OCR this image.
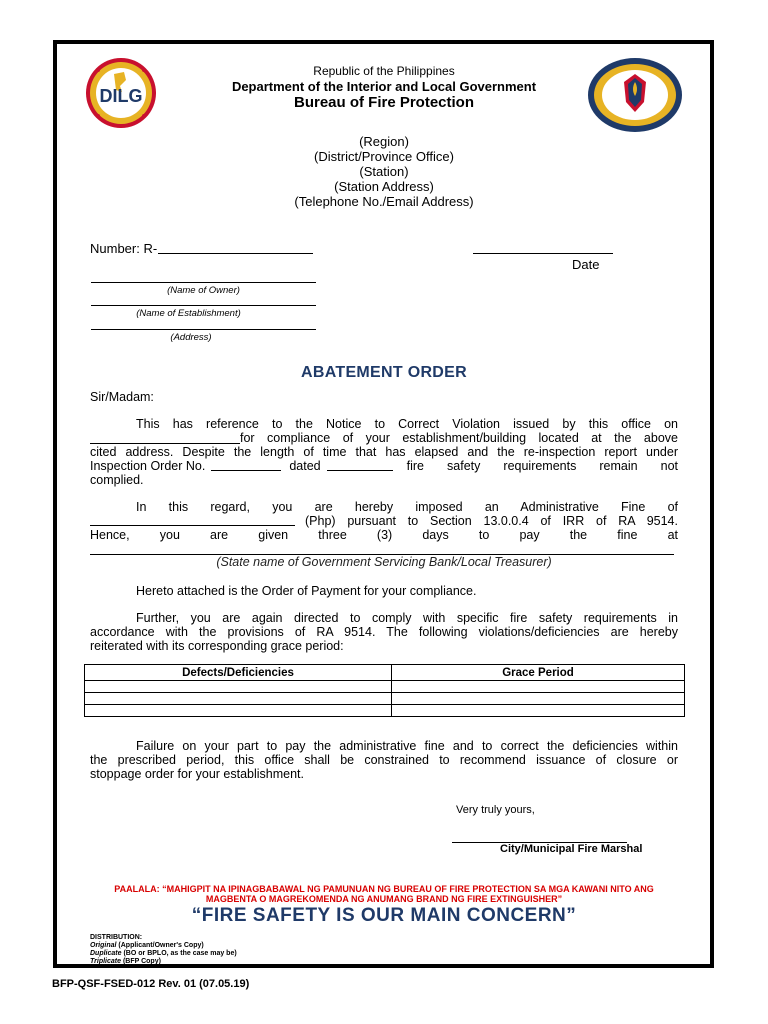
DILG
Republic of the Philippines
Department of the Interior and Local Government
Bureau of Fire Protection
(Region)
(District/Province Office)
(Station)
(Station Address)
(Telephone No./Email Address)
Number: R-
Date
(Name of Owner)
(Name of Establishment)
(Address)
ABATEMENT ORDER
Sir/Madam:
This has reference to the Notice to Correct Violation issued by this office on
for compliance of your establishment/building located at the above
cited address. Despite the length of time that has elapsed and the re-inspection report under
Inspection Order No.	dated	fire safety requirements remain not
complied.
In this regard, you are hereby imposed an Administrative Fine of
(Php) pursuant to Section 13.0.0.4 of IRR of RA 9514.
Hence, you are given three (3) days to pay the fine at
(State name of Government Servicing Bank/Local Treasurer)
Hereto attached is the Order of Payment for your compliance.
Further, you are again directed to comply with specific fire safety requirements in
accordance with the provisions of RA 9514. The following violations/deficiencies are hereby
reiterated with its corresponding grace period:
Defects/Deficiencies	Grace Period

Failure on your part to pay the administrative fine and to correct the deficiencies within
the prescribed period, this office shall be constrained to recommend issuance of closure or
stoppage order for your establishment.
Very truly yours,
City/Municipal Fire Marshal
PAALALA: “MAHIGPIT NA IPINAGBABAWAL NG PAMUNUAN NG BUREAU OF FIRE PROTECTION SA MGA KAWANI NITO ANG
MAGBENTA O MAGREKOMENDA NG ANUMANG BRAND NG FIRE EXTINGUISHER”
“FIRE SAFETY IS OUR MAIN CONCERN”
DISTRIBUTION:
Original (Applicant/Owner's Copy)
Duplicate (BO or BPLO, as the case may be)
Triplicate (BFP Copy)
BFP-QSF-FSED-012 Rev. 01 (07.05.19)
